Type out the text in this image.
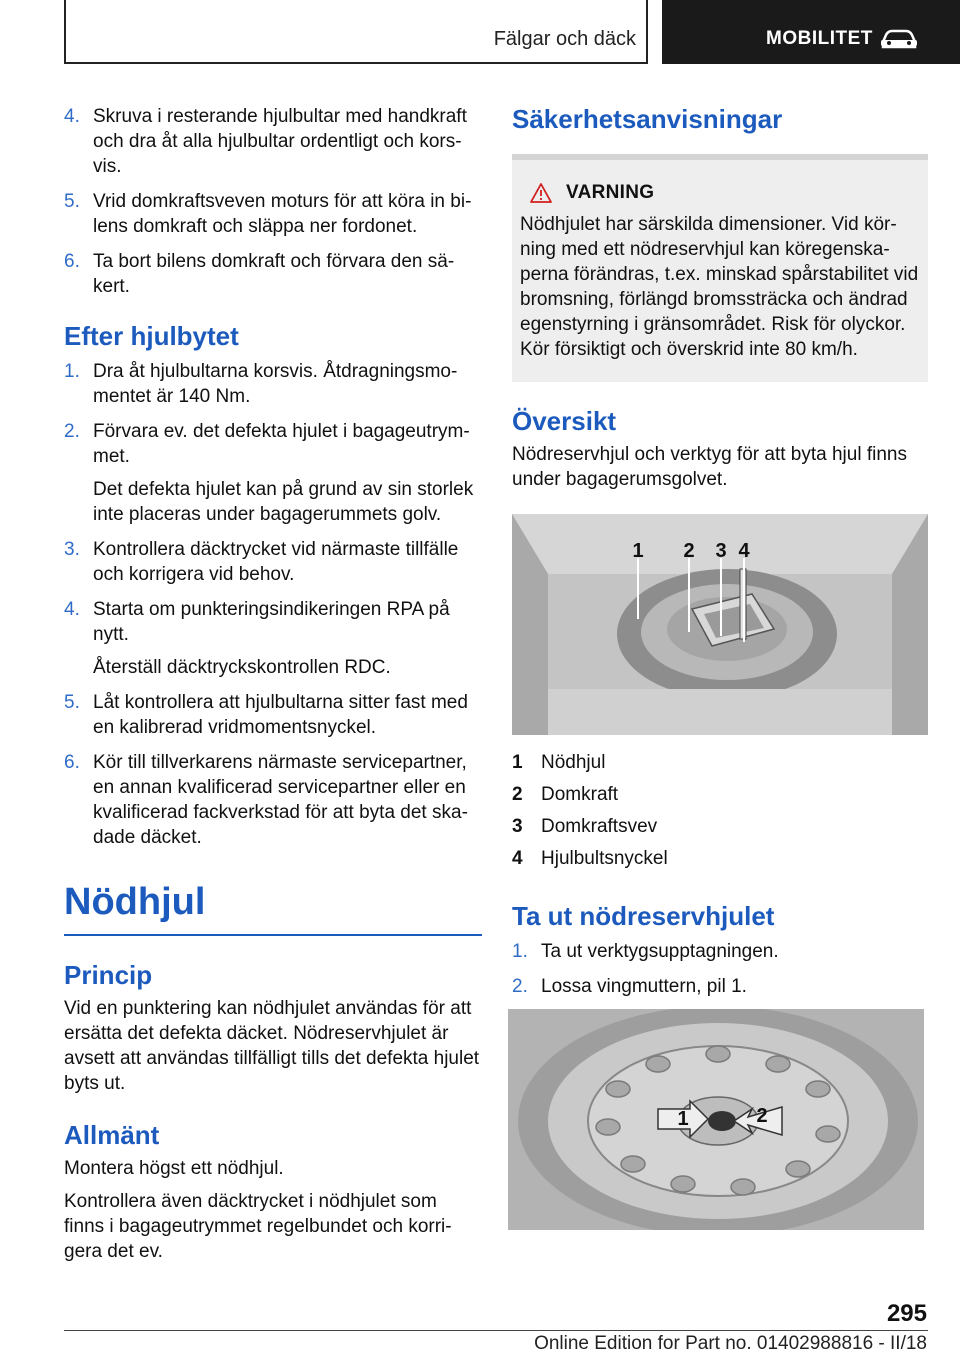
Fälgar och däck	MOBILITET
4. Skruva i resterande hjulbultar med handkraft och dra åt alla hjulbultar ordentligt och korsvis.
5. Vrid domkraftsveven moturs för att köra in bilens domkraft och släppa ner fordonet.
6. Ta bort bilens domkraft och förvara den säkert.
Efter hjulbytet
1. Dra åt hjulbultarna korsvis. Åtdragningsmomentet är 140 Nm.
2. Förvara ev. det defekta hjulet i bagageutrymmet.
Det defekta hjulet kan på grund av sin storlek inte placeras under bagagerummets golv.
3. Kontrollera däcktrycket vid närmaste tillfälle och korrigera vid behov.
4. Starta om punkteringsindikeringen RPA på nytt.
Återställ däcktryckskontrollen RDC.
5. Låt kontrollera att hjulbultarna sitter fast med en kalibrerad vridmomentsnyckel.
6. Kör till tillverkarens närmaste servicepartner, en annan kvalificerad servicepartner eller en kvalificerad fackverkstad för att byta det skadade däcket.
Nödhjul
Princip

Vid en punktering kan nödhjulet användas för att ersätta det defekta däcket. Nödreservhjulet är avsett att användas tillfälligt tills det defekta hjulet byts ut.

Allmänt

Montera högst ett nödhjul.

Kontrollera även däcktrycket i nödhjulet som finns i bagageutrymmet regelbundet och korrigera det ev.

Säkerhetsanvisningar
VARNING
Nödhjulet har särskilda dimensioner. Vid körning med ett nödreservhjul kan köregenskaperna förändras, t.ex. minskad spårstabilitet vid bromsning, förlängd bromssträcka och ändrad egenstyrning i gränsområdet. Risk för olyckor. Kör försiktigt och överskrid inte 80 km/h.
Översikt

Nödreservhjul och verktyg för att byta hjul finns under bagagerumsgolvet.

1 2 3 4
1 Nödhjul
2 Domkraft
3 Domkraftsvev
4 Hjulbultsnyckel
Ta ut nödreservhjulet
1. Ta ut verktygsupptagningen.
2. Lossa vingmuttern, pil 1.
1	2
295
Online Edition for Part no. 01402988816 - II/18
